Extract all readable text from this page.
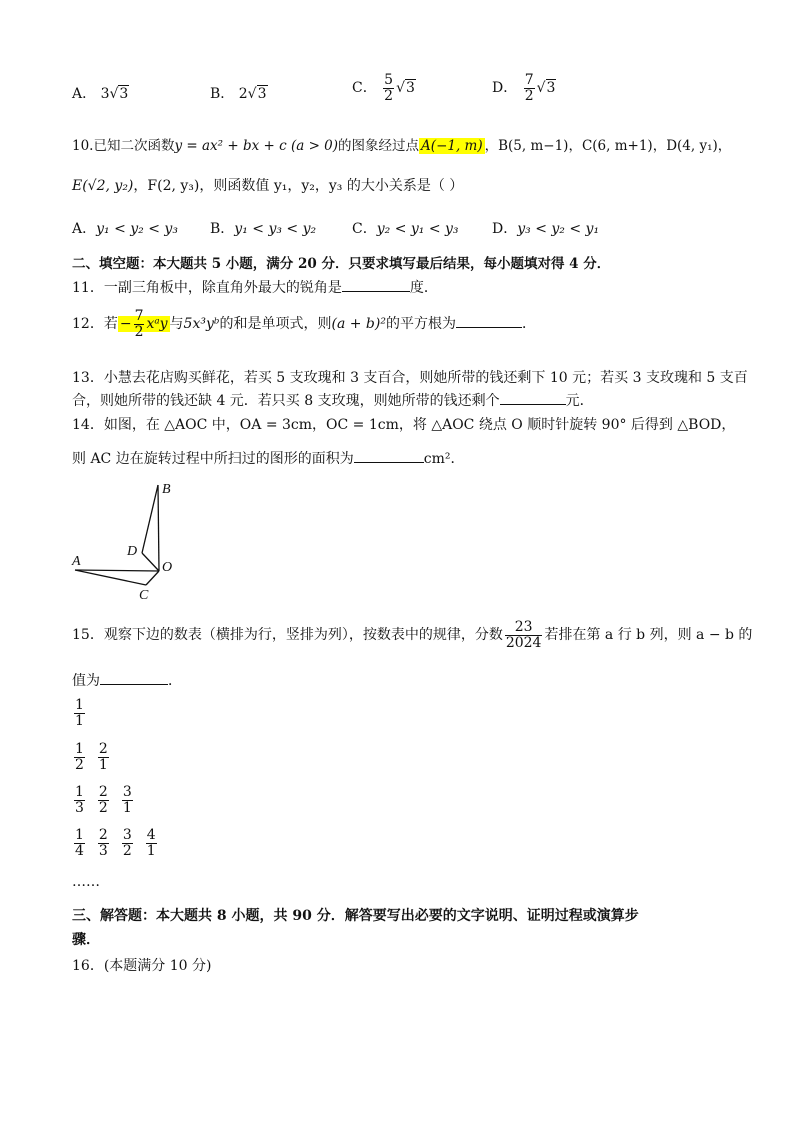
A． 3√3	B． 2√3	C． $\frac{5}{2} √3$	D． $\frac{7}{2} √3$
10.已知二次函数y = ax² + bx + c (a > 0)的图象经过点 A(−1, m) ，B(5, m−1)，C(6, m+1)，D(4, y₁)，
E(√2, y₂)，F(2, y₃)，则函数值 y₁，y₂，y₃ 的大小关系是（ ）
A．y₁ < y₂ < y₃ B．y₁ < y₃ < y₂	C．y₂ < y₁ < y₃ D．y₃ < y₂ < y₁
二、填空题：本大题共 5 小题，满分 20 分．只要求填写最后结果，每小题填对得 4 分．
11．一副三角板中，除直角外最大的锐角是	度．
12．若 − $\frac{7}{2}$ xᵃy 与5x³yᵇ的和是单项式，则(a + b)²的平方根为	．
13．小慧去花店购买鲜花，若买 5 支玫瑰和 3 支百合，则她所带的钱还剩下 10 元；若买 3 支玫瑰和 5 支百
合，则她所带的钱还缺 4 元．若只买 8 支玫瑰，则她所带的钱还剩个	元．
14．如图，在 △AOC 中，OA = 3cm，OC = 1cm，将 △AOC 绕点 O 顺时针旋转 90° 后得到 △BOD，
则 AC 边在旋转过程中所扫过的图形的面积为	cm²．
B
D
A	O
C
15．观察下边的数表（横排为行，竖排为列），按数表中的规律，分数 $\frac{23}{2024}$ 若排在第 a 行 b 列，则 a − b 的
值为	．
$\frac{1}{1}$
$\frac{1}{2} \frac{2}{1}$
$\frac{1}{3} \frac{2}{2} \frac{3}{1}$
$\frac{1}{4} \frac{2}{3} \frac{3}{2} \frac{4}{1}$
……
三、解答题：本大题共 8 小题，共 90 分．解答要写出必要的文字说明、证明过程或演算步
骤．
16．(本题满分 10 分)
